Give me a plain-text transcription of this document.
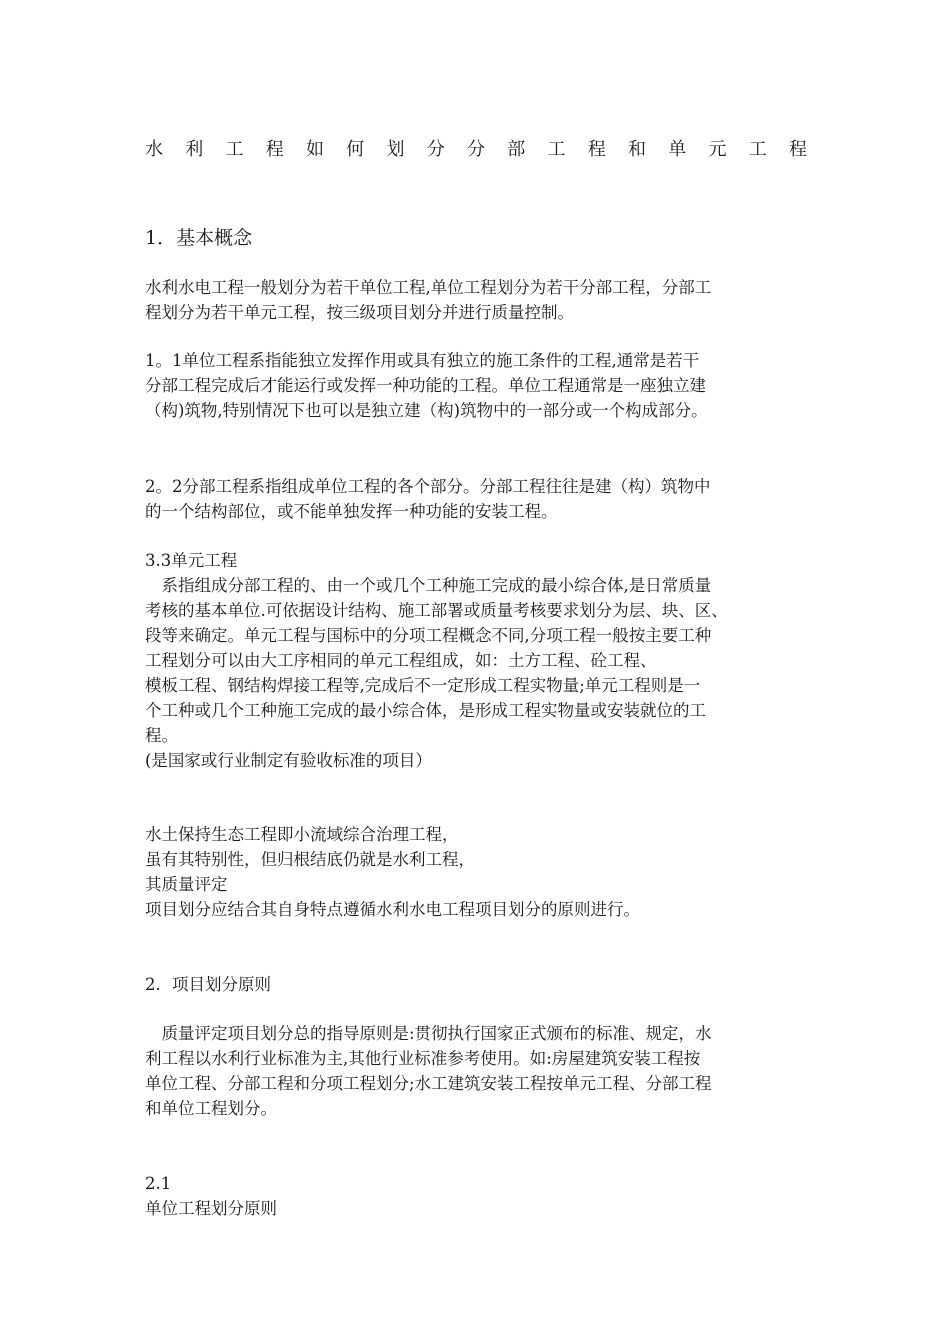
水 利 工 程 如 何 划 分 分 部 工 程 和 单 元 工 程

1．基本概念

水利水电工程一般划分为若干单位工程,单位工程划分为若干分部工程，分部工

程划分为若干单元工程，按三级项目划分并进行质量控制。

1。1单位工程系指能独立发挥作用或具有独立的施工条件的工程,通常是若干

分部工程完成后才能运行或发挥一种功能的工程。单位工程通常是一座独立建

（构)筑物,特别情况下也可以是独立建（构)筑物中的一部分或一个构成部分。

2。2分部工程系指组成单位工程的各个部分。分部工程往往是建（构）筑物中

的一个结构部位，或不能单独发挥一种功能的安装工程。

3.3单元工程

　系指组成分部工程的、由一个或几个工种施工完成的最小综合体,是日常质量

考核的基本单位.可依据设计结构、施工部署或质量考核要求划分为层、块、区、

段等来确定。单元工程与国标中的分项工程概念不同,分项工程一般按主要工种

工程划分可以由大工序相同的单元工程组成，如：土方工程、砼工程、

模板工程、钢结构焊接工程等,完成后不一定形成工程实物量;单元工程则是一

个工种或几个工种施工完成的最小综合体，是形成工程实物量或安装就位的工

程。

(是国家或行业制定有验收标准的项目）

水土保持生态工程即小流域综合治理工程，

虽有其特别性，但归根结底仍就是水利工程，

其质量评定

项目划分应结合其自身特点遵循水利水电工程项目划分的原则进行。

2．项目划分原则

　质量评定项目划分总的指导原则是:贯彻执行国家正式颁布的标准、规定，水

利工程以水利行业标准为主,其他行业标准参考使用。如:房屋建筑安装工程按

单位工程、分部工程和分项工程划分;水工建筑安装工程按单元工程、分部工程

和单位工程划分。

2.1

单位工程划分原则
